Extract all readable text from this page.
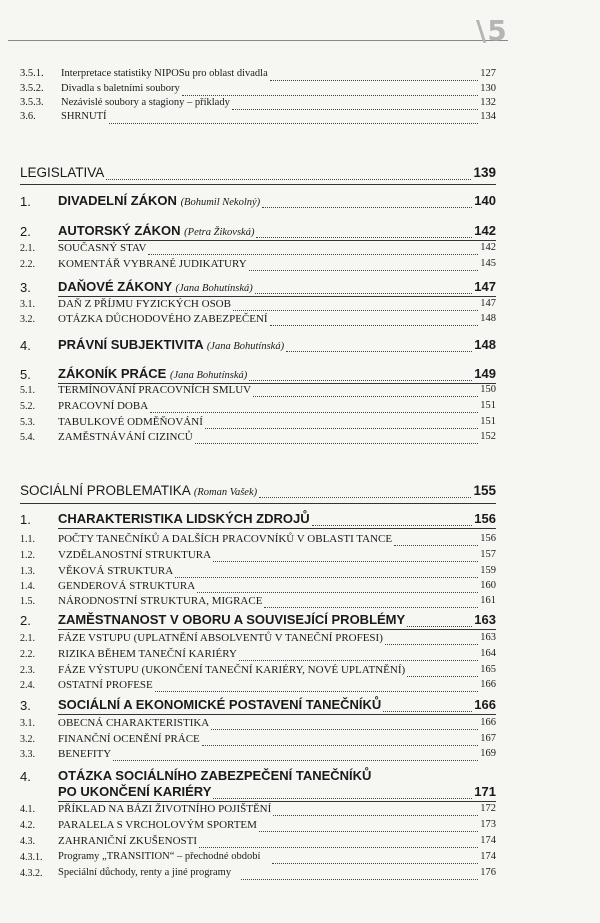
\5
3.5.1. Interpretace statistiky NIPOSu pro oblast divadla	127
3.5.2. Divadla s baletními soubory	130
3.5.3. Nezávislé soubory a stagiony – příklady	132
3.6. SHRNUTÍ	134
LEGISLATIVA	139
1. DIVADELNÍ ZÁKON (Bohumil Nekolný)	140
2. AUTORSKÝ ZÁKON (Petra Žikovská)	142
2.1. SOUČASNÝ STAV	142
2.2. KOMENTÁŘ VYBRANÉ JUDIKATURY	145
3. DAŇOVÉ ZÁKONY (Jana Bohutínská)	147
3.1. DAŇ Z PŘÍJMU FYZICKÝCH OSOB	147
3.2. OTÁZKA DŮCHODOVÉHO ZABEZPEČENÍ	148
4. PRÁVNÍ SUBJEKTIVITA (Jana Bohutínská)	148
5. ZÁKONÍK PRÁCE (Jana Bohutínská)	149
5.1. TERMÍNOVÁNÍ PRACOVNÍCH SMLUV	150
5.2. PRACOVNÍ DOBA	151
5.3. TABULKOVÉ ODMĚŇOVÁNÍ	151
5.4. ZAMĚSTNÁVÁNÍ CIZINCŮ	152
SOCIÁLNÍ PROBLEMATIKA (Roman Vašek)	155
1. CHARAKTERISTIKA LIDSKÝCH ZDROJŮ	156
1.1. POČTY TANEČNÍKŮ A DALŠÍCH PRACOVNÍKŮ V OBLASTI TANCE	156
1.2. VZDĚLANOSTNÍ STRUKTURA	157
1.3. VĚKOVÁ STRUKTURA	159
1.4. GENDEROVÁ STRUKTURA	160
1.5. NÁRODNOSTNÍ STRUKTURA, MIGRACE	161
2. ZAMĚSTNANOST V OBORU A SOUVISEJÍCÍ PROBLÉMY	163
2.1. FÁZE VSTUPU (UPLATNĚNÍ ABSOLVENTŮ V TANEČNÍ PROFESI)	163
2.2. RIZIKA BĚHEM TANEČNÍ KARIÉRY	164
2.3. FÁZE VÝSTUPU (UKONČENÍ TANEČNÍ KARIÉRY, NOVÉ UPLATNĚNÍ)	165
2.4. OSTATNÍ PROFESE	166
3. SOCIÁLNÍ A EKONOMICKÉ POSTAVENÍ TANEČNÍKŮ	166
3.1. OBECNÁ CHARAKTERISTIKA	166
3.2. FINANČNÍ OCENĚNÍ PRÁCE	167
3.3. BENEFITY	169
4. OTÁZKA SOCIÁLNÍHO ZABEZPEČENÍ TANEČNÍKŮ
PO UKONČENÍ KARIÉRY	171
4.1. PŘÍKLAD NA BÁZI ŽIVOTNÍHO POJIŠTĚNÍ	172
4.2. PARALELA S VRCHOLOVÝM SPORTEM	173
4.3. ZAHRANIČNÍ ZKUŠENOSTI	174
4.3.1. Programy „TRANSITION“ – přechodné období	174
4.3.2. Speciální důchody, renty a jiné programy	176
